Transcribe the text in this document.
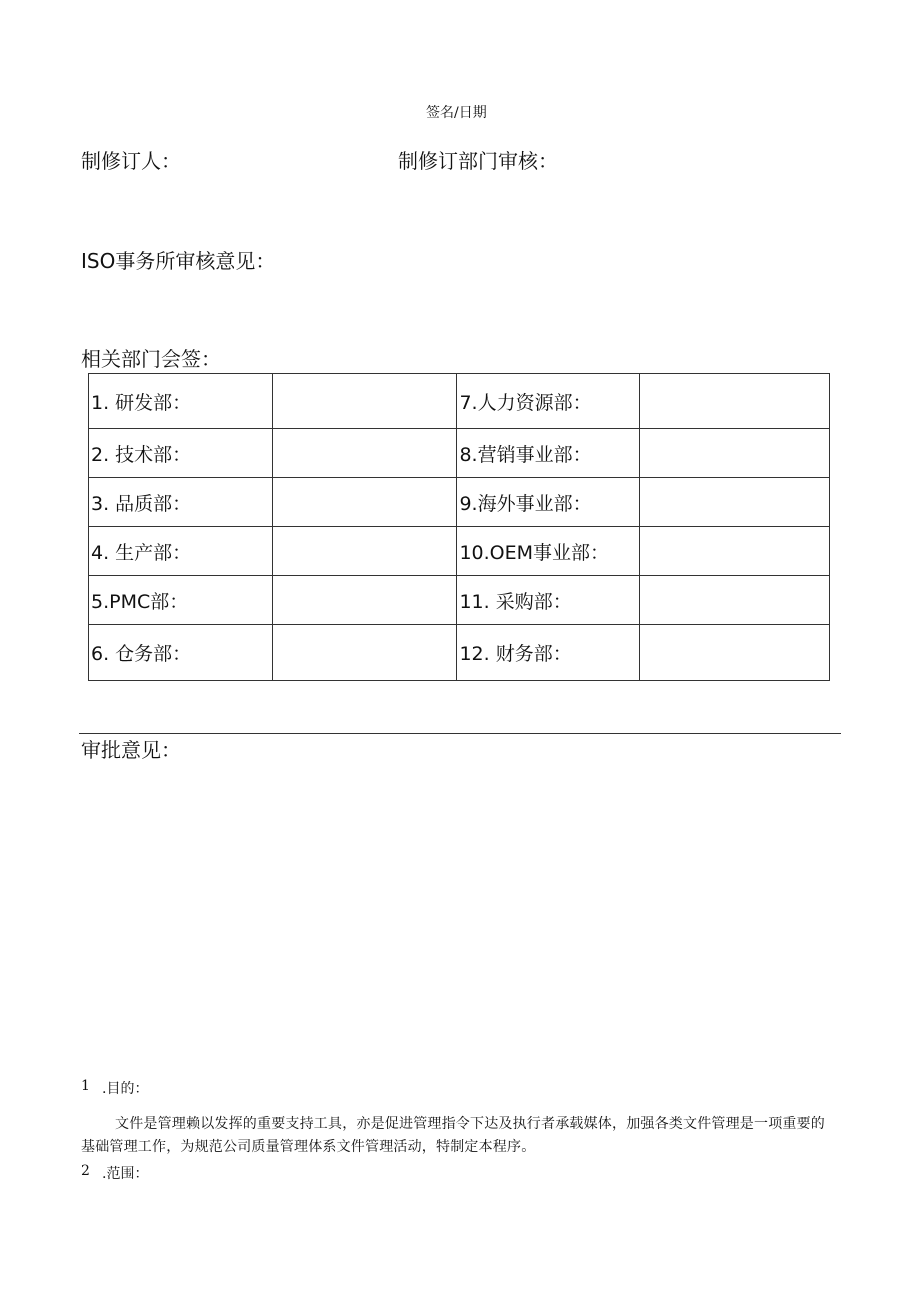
签名/日期
制修订人：	制修订部门审核：
ISO事务所审核意见：
相关部门会签：
1. 研发部：		7.人力资源部：	
2. 技术部：		8.营销事业部：	
3. 品质部：		9.海外事业部：	
4. 生产部：		10.OEM事业部：	
5.PMC部：		11. 采购部：	
6. 仓务部：		12. 财务部：	
审批意见：
1 .目的：
文件是管理赖以发挥的重要支持工具，亦是促进管理指令下达及执行者承载媒体，加强各类文件管理是一项重要的基础管理工作，为规范公司质量管理体系文件管理活动，特制定本程序。
2 .范围：
